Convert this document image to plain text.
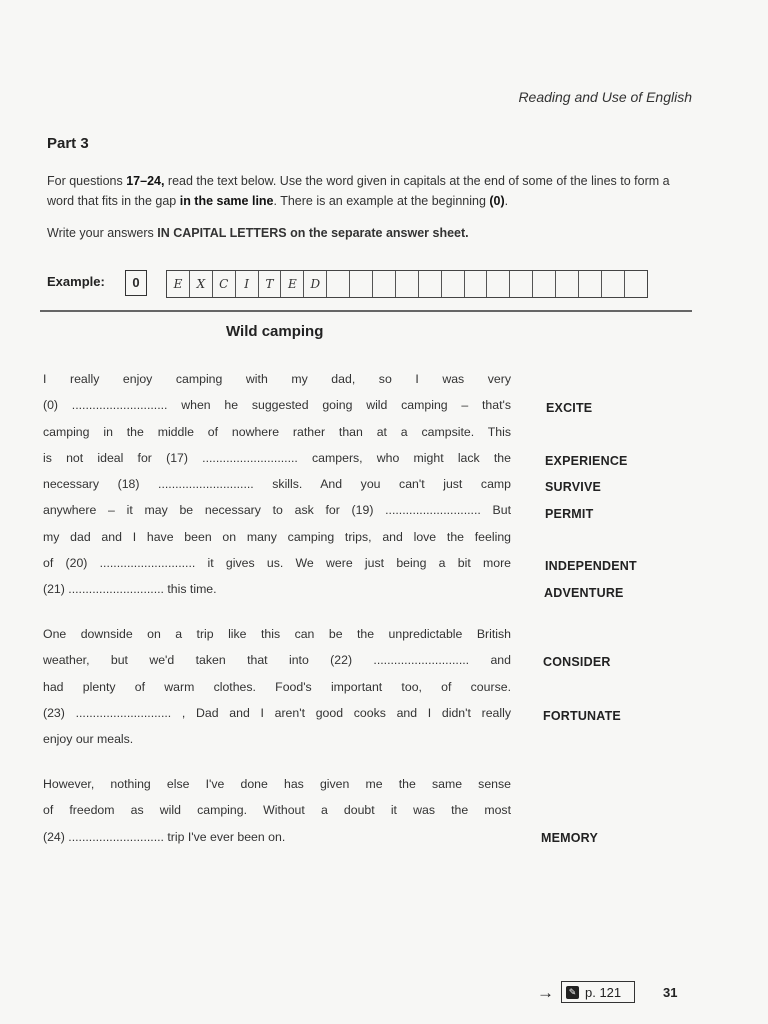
Reading and Use of English
Part 3
For questions 17–24, read the text below. Use the word given in capitals at the end of some of the lines to form a word that fits in the gap in the same line. There is an example at the beginning (0).
Write your answers IN CAPITAL LETTERS on the separate answer sheet.
Example:	0	E	X	C	I	T	E	D
Wild camping
I really enjoy camping with my dad, so I was very
(0) ............................ when he suggested going wild camping – that's
camping in the middle of nowhere rather than at a campsite. This
is not ideal for (17) ............................ campers, who might lack the
necessary (18) ............................ skills. And you can't just camp
anywhere – it may be necessary to ask for (19) ............................ But
my dad and I have been on many camping trips, and love the feeling
of (20) ............................ it gives us. We were just being a bit more
(21) ............................ this time.
One downside on a trip like this can be the unpredictable British
weather, but we'd taken that into (22) ............................ and
had plenty of warm clothes. Food's important too, of course.
(23) ............................ , Dad and I aren't good cooks and I didn't really
enjoy our meals.
However, nothing else I've done has given me the same sense
of freedom as wild camping. Without a doubt it was the most
(24) ............................ trip I've ever been on.
EXCITE
EXPERIENCE
SURVIVE
PERMIT
INDEPENDENT
ADVENTURE
CONSIDER
FORTUNATE
MEMORY
→	✎ p. 121	31
